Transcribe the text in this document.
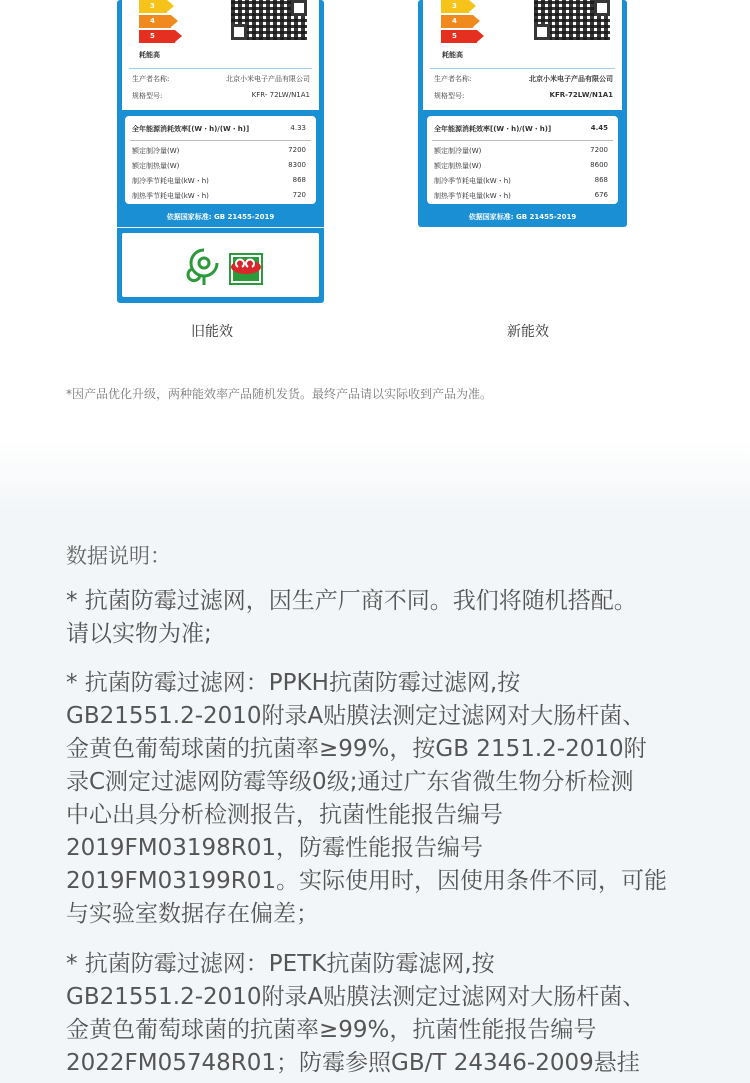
3
4
5
耗能高
生产者名称:	北京小米电子产品有限公司
规格型号:	KFR- 72LW/N1A1
全年能源消耗效率[(W・h)/(W・h)]	4.33
额定制冷量(W)	7200
额定制热量(W)	8300
制冷季节耗电量(kW・h)	868
制热季节耗电量(kW・h)	720
依据国家标准: GB 21455-2019
旧能效
3
4
5
耗能高
生产者名称:	北京小米电子产品有限公司
规格型号:	KFR-72LW/N1A1
全年能源消耗效率[(W・h)/(W・h)]	4.45
额定制冷量(W)	7200
额定制热量(W)	8600
制冷季节耗电量(kW・h)	868
制热季节耗电量(kW・h)	676
依据国家标准: GB 21455-2019
新能效
*因产品优化升级，两种能效率产品随机发货。最终产品请以实际收到产品为准。
数据说明：
* 抗菌防霉过滤网，因生产厂商不同。我们将随机搭配。
请以实物为准;
* 抗菌防霉过滤网：PPKH抗菌防霉过滤网,按
GB21551.2-2010附录A贴膜法测定过滤网对大肠杆菌、
金黄色葡萄球菌的抗菌率≥99%，按GB 2151.2-2010附
录C测定过滤网防霉等级0级;通过广东省微生物分析检测
中心出具分析检测报告，抗菌性能报告编号
2019FM03198R01，防霉性能报告编号
2019FM03199R01。实际使用时，因使用条件不同，可能
与实验室数据存在偏差；
* 抗菌防霉过滤网：PETK抗菌防霉滤网,按
GB21551.2-2010附录A贴膜法测定过滤网对大肠杆菌、
金黄色葡萄球菌的抗菌率≥99%，抗菌性能报告编号
2022FM05748R01；防霉参照GB/T 24346-2009悬挂
